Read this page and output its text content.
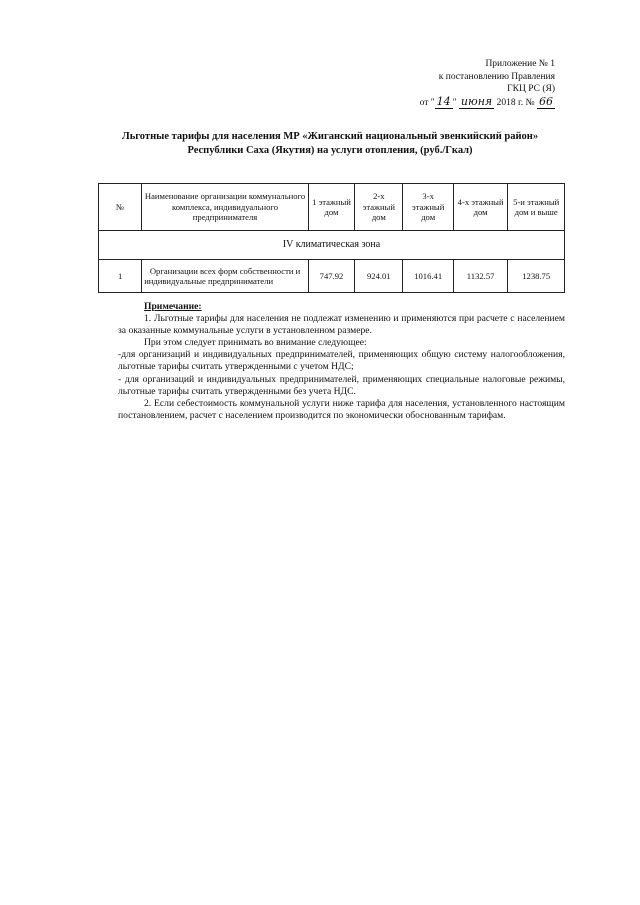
Приложение № 1
к постановлению Правления
ГКЦ РС (Я)
от " 14 " июня 2018 г. № 66
Льготные тарифы для населения МР «Жиганский национальный эвенкийский район»
Республики Саха (Якутия) на услуги отопления, (руб./Гкал)
№	Наименование организации коммунального комплекса, индивидуального предпринимателя	1 этажный дом	2-х этажный дом	3-х этажный дом	4-х этажный дом	5-и этажный дом и выше
IV климатическая зона						
1	Организации всех форм собственности и индивидуальные предприниматели	747.92	924.01	1016.41	1132.57	1238.75
Примечание:

1. Льготные тарифы для населения не подлежат изменению и применяются при расчете с населением за оказанные коммунальные услуги в установленном размере.

При этом следует принимать во внимание следующее:

-для организаций и индивидуальных предпринимателей, применяющих общую систему налогообложения, льготные тарифы считать утвержденными с учетом НДС;

- для организаций и индивидуальных предпринимателей, применяющих специальные налоговые режимы, льготные тарифы считать утвержденными без учета НДС.

2. Если себестоимость коммунальной услуги ниже тарифа для населения, установленного настоящим постановлением, расчет с населением производится по экономически обоснованным тарифам.
